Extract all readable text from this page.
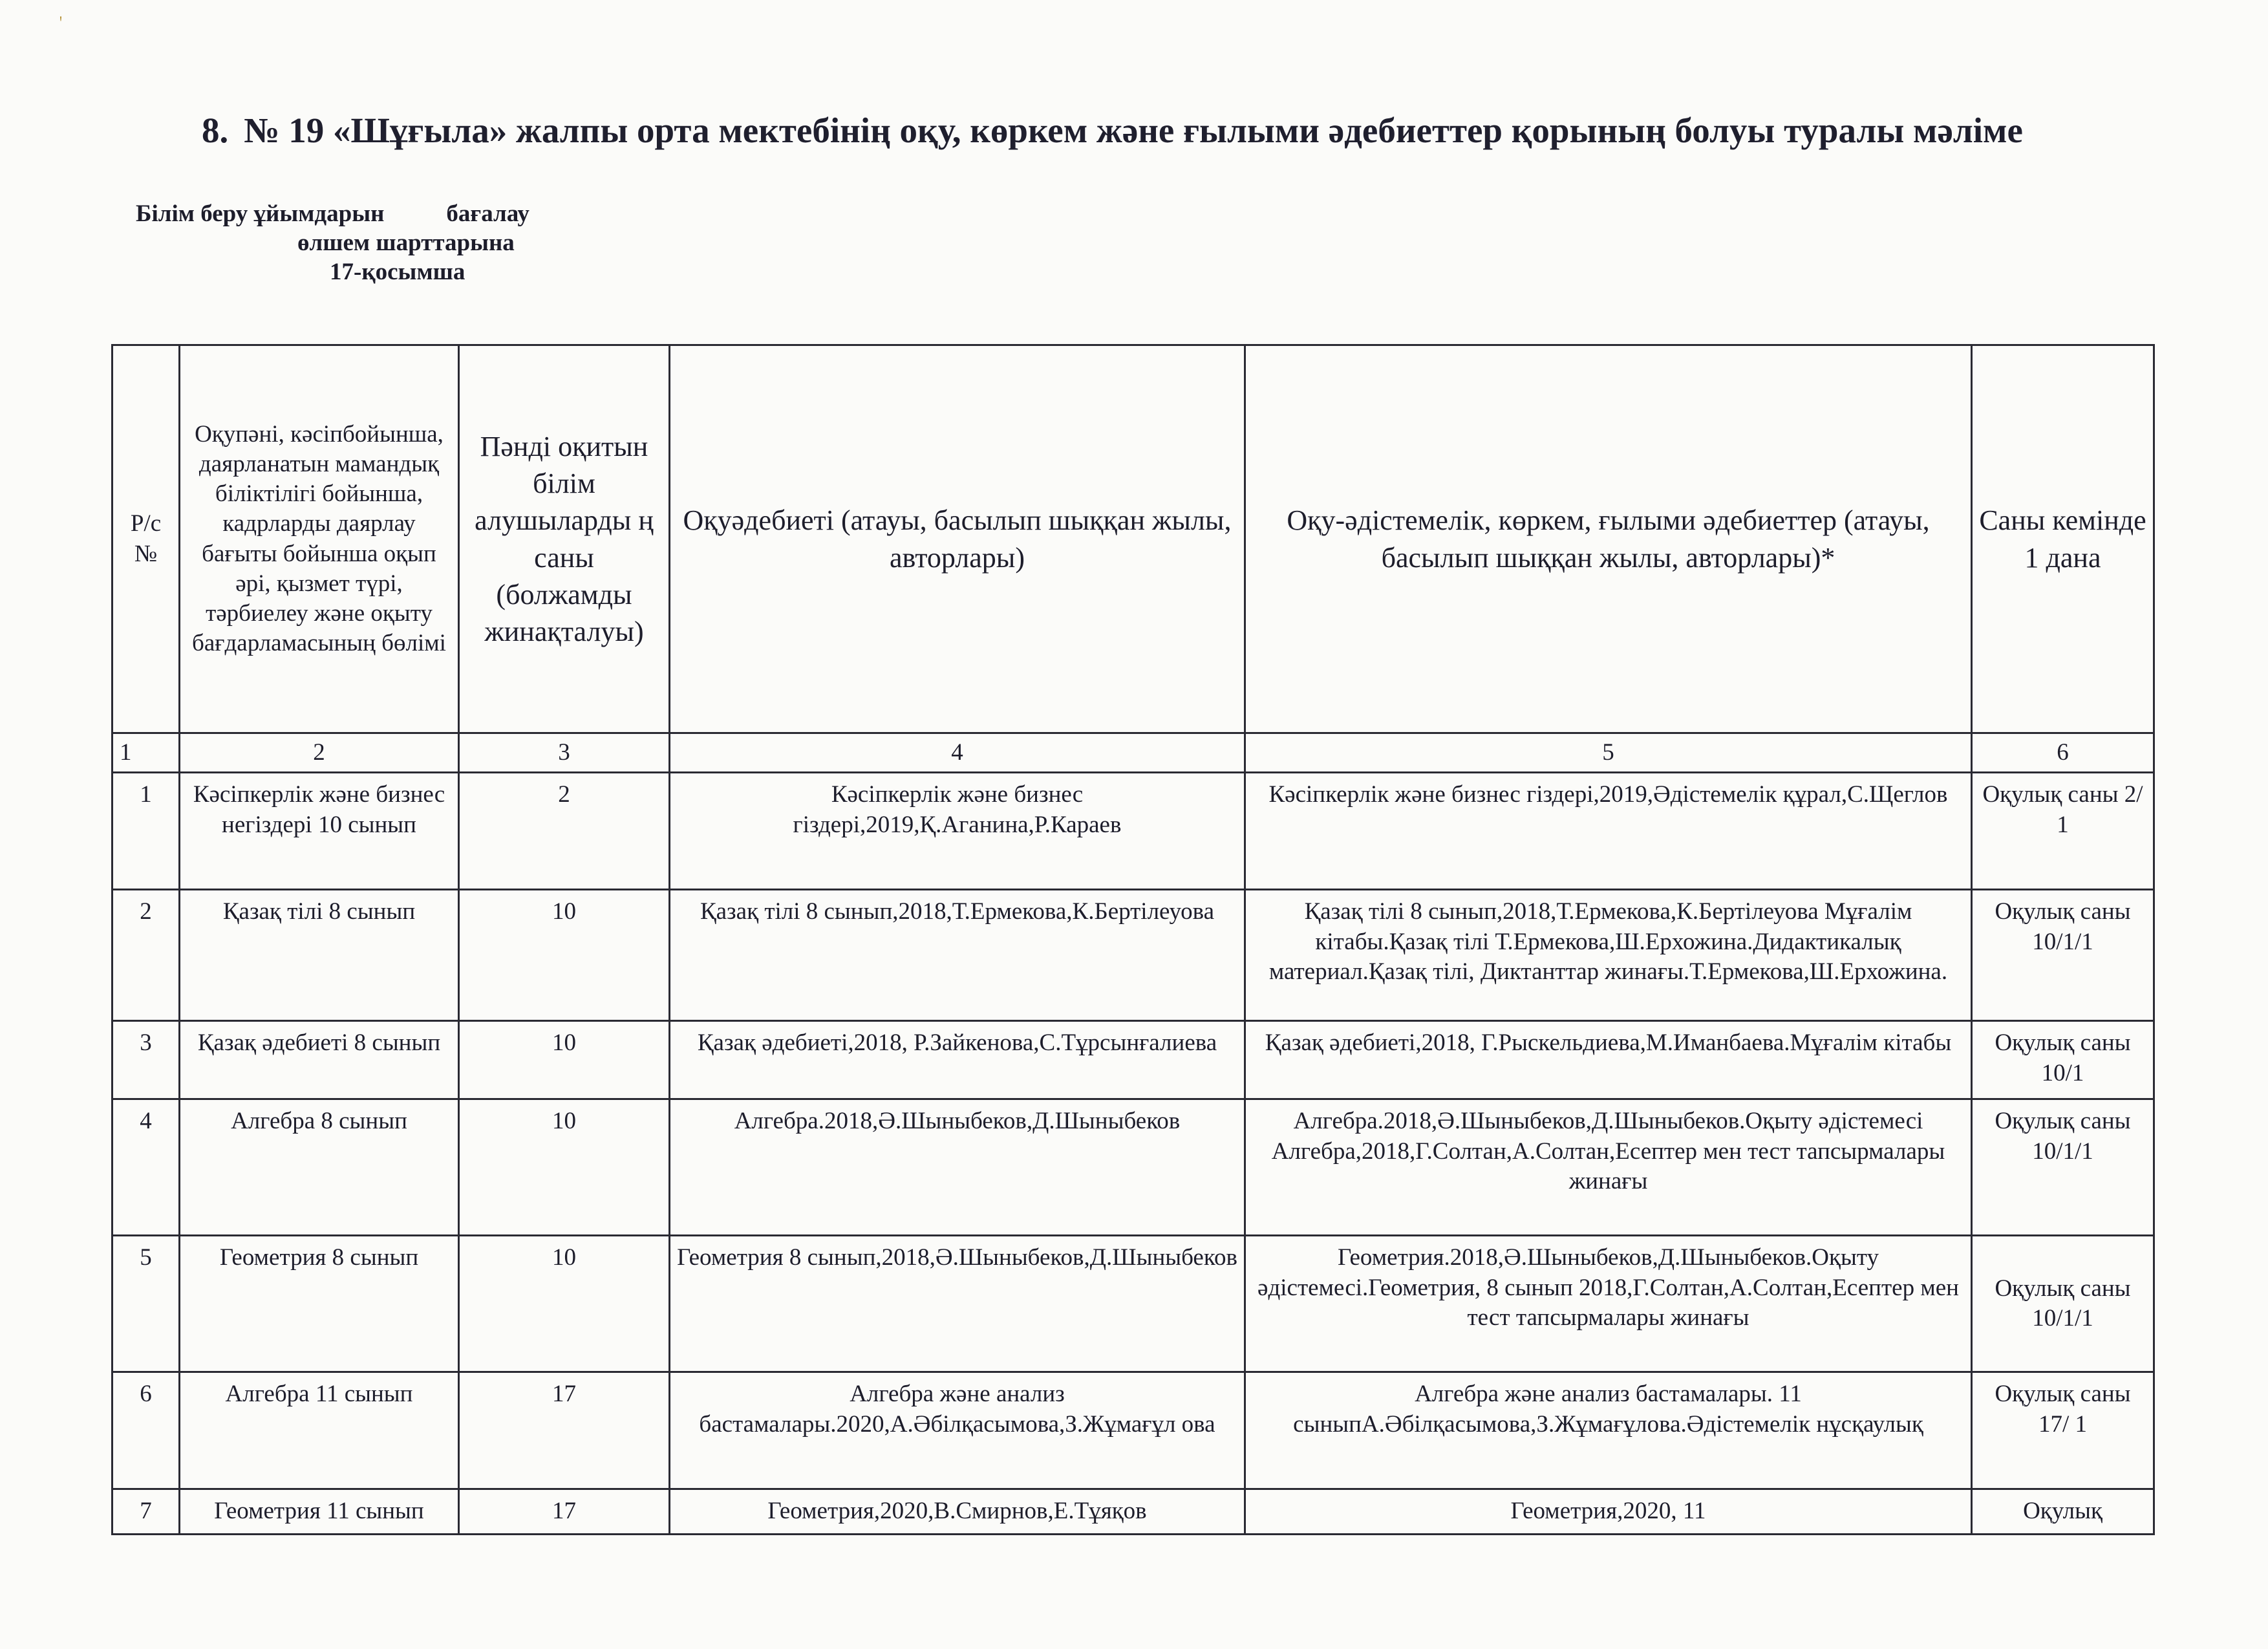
ꞌ
8. № 19 «Шұғыла» жалпы орта мектебінің оқу, көркем және ғылыми әдебиеттер қорының болуы туралы мәліме
Білім беру ұйымдарын	бағалау
өлшем шарттарына
17-қосымша
Р/с №	Оқупәні, кәсіпбойынша, даярланатын мамандық біліктілігі бойынша, кадрларды даярлау бағыты бойынша оқып әрі, қызмет түрі, тәрбиелеу және оқыту бағдарламасының бөлімі	Пәнді оқитын білім алушыларды ң саны (болжамды жинақталуы)	Оқуәдебиеті (атауы, басылып шыққан жылы, авторлары)	Оқу-әдістемелік, көркем, ғылыми әдебиеттер (атауы, басылып шыққан жылы, авторлары)*	Саны кемінде 1 дана
1	2	3	4	5	6
1	Кәсіпкерлік және бизнес негіздері 10 сынып	2	Кәсіпкерлік және бизнес гіздері,2019,Қ.Аганина,Р.Караев	Кәсіпкерлік және бизнес гіздері,2019,Әдістемелік құрал,С.Щеглов	Оқулық саны 2/ 1
2	Қазақ тілі 8 сынып	10	Қазақ тілі 8 сынып,2018,Т.Ермекова,К.Бертілеуова	Қазақ тілі 8 сынып,2018,Т.Ермекова,К.Бертілеуова Мұғалім кітабы.Қазақ тілі Т.Ермекова,Ш.Ерхожина.Дидактикалық материал.Қазақ тілі, Диктанттар жинағы.Т.Ермекова,Ш.Ерхожина.	Оқулық саны 10/1/1
3	Қазақ әдебиеті 8 сынып	10	Қазақ әдебиеті,2018, Р.Зайкенова,С.Тұрсынғалиева	Қазақ әдебиеті,2018, Г.Рыскельдиева,М.Иманбаева.Мұғалім кітабы	Оқулық саны 10/1
4	Алгебра 8 сынып	10	Алгебра.2018,Ә.Шыныбеков,Д.Шыныбеков	Алгебра.2018,Ә.Шыныбеков,Д.Шыныбеков.Оқыту әдістемесі Алгебра,2018,Г.Солтан,А.Солтан,Есептер мен тест тапсырмалары жинағы	Оқулық саны 10/1/1
5	Геометрия 8 сынып	10	Геометрия 8 сынып,2018,Ә.Шыныбеков,Д.Шыныбеков	Геометрия.2018,Ә.Шыныбеков,Д.Шыныбеков.Оқыту әдістемесі.Геометрия, 8 сынып 2018,Г.Солтан,А.Солтан,Есептер мен тест тапсырмалары жинағы	Оқулық саны 10/1/1
6	Алгебра 11 сынып	17	Алгебра және анализ бастамалары.2020,А.Әбілқасымова,З.Жұмағұл ова	Алгебра және анализ бастамалары. 11 сыныпА.Әбілқасымова,З.Жұмағұлова.Әдістемелік нұсқаулық	Оқулық саны 17/ 1
7	Геометрия 11 сынып	17	Геометрия,2020,В.Смирнов,Е.Тұяқов	Геометрия,2020, 11	Оқулық
